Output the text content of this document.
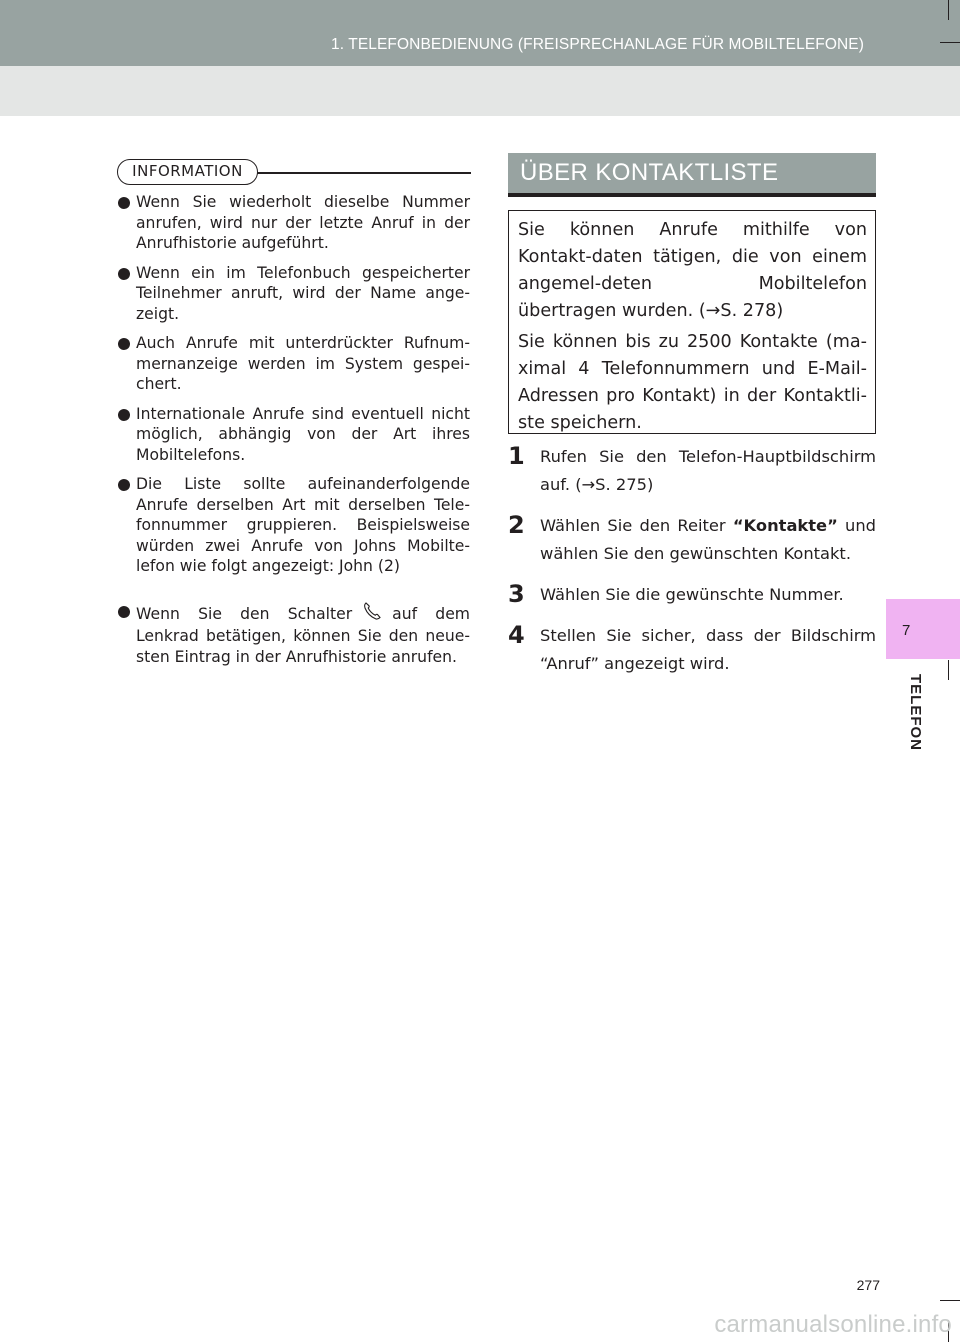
1. TELEFONBEDIENUNG (FREISPRECHANLAGE FÜR MOBILTELEFONE)
INFORMATION
Wenn Sie wiederholt dieselbe Nummer anrufen, wird nur der letzte Anruf in der Anrufhistorie aufgeführt.
Wenn ein im Telefonbuch gespeicherter Teilnehmer anruft, wird der Name ange-zeigt.
Auch Anrufe mit unterdrückter Rufnum-mernanzeige werden im System gespei-chert.
Internationale Anrufe sind eventuell nicht möglich, abhängig von der Art ihres Mobiltelefons.
Die Liste sollte aufeinanderfolgende Anrufe derselben Art mit derselben Tele-fonnummer gruppieren. Beispielsweise würden zwei Anrufe von Johns Mobilte-lefon wie folgt angezeigt: John (2)
Wenn Sie den Schalter	auf dem Lenkrad betätigen, können Sie den neue-sten Eintrag in der Anrufhistorie anrufen.
ÜBER KONTAKTLISTE

Sie können Anrufe mithilfe von Kontakt-daten tätigen, die von einem angemel-deten Mobiltelefon übertragen wurden. (→S. 278)

Sie können bis zu 2500 Kontakte (ma-ximal 4 Telefonnummern und E-Mail-Adressen pro Kontakt) in der Kontaktli-ste speichern.

1 Rufen Sie den Telefon-Hauptbildschirm auf. (→S. 275)
2 Wählen Sie den Reiter “Kontakte” und wählen Sie den gewünschten Kontakt.
3 Wählen Sie die gewünschte Nummer.
4 Stellen Sie sicher, dass der Bildschirm “Anruf” angezeigt wird.
7
TELEFON
277
carmanualsonline.info
